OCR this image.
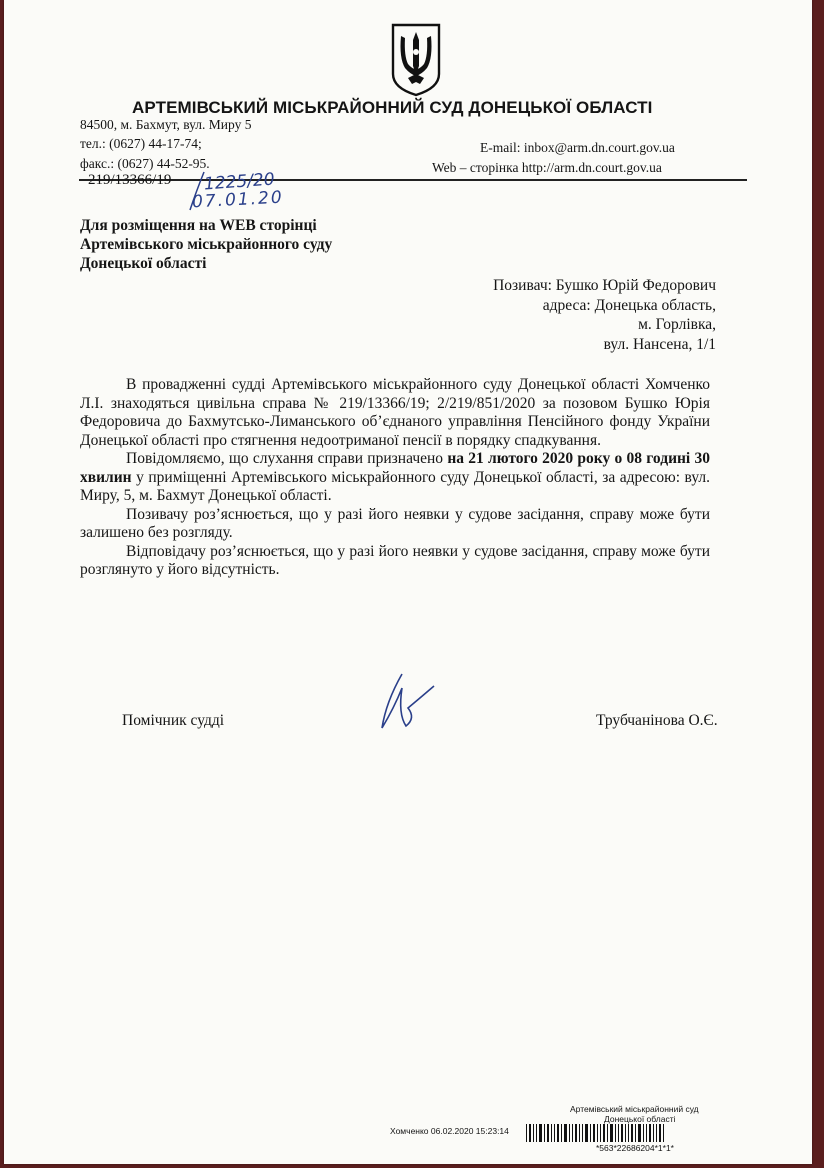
АРТЕМІВСЬКИЙ МІСЬКРАЙОННИЙ СУД ДОНЕЦЬКОЇ ОБЛАСТІ
84500, м. Бахмут, вул. Миру 5
тел.: (0627) 44-17-74;
факс.: (0627) 44-52-95.
E-mail: inbox@arm.dn.court.gov.ua
Web – сторінка http://arm.dn.court.gov.ua
219/13366/19 1225/20
07.01.20
Для розміщення на WEB сторінці
Артемівського міськрайонного суду
Донецької області
Позивач: Бушко Юрій Федорович
адреса: Донецька область,
м. Горлівка,
вул. Нансена, 1/1

В провадженні судді Артемівського міськрайонного суду Донецької області Хомченко Л.І. знаходяться цивільна справа № 219/13366/19; 2/219/851/2020 за позовом Бушко Юрія Федоровича до Бахмутсько-Лиманського об’єднаного управління Пенсійного фонду України Донецької області про стягнення недоотриманої пенсії в порядку спадкування.

Повідомляємо, що слухання справи призначено на 21 лютого 2020 року о 08 годині 30 хвилин у приміщенні Артемівського міськрайонного суду Донецької області, за адресою: вул. Миру, 5, м. Бахмут Донецької області.

Позивачу роз’яснюється, що у разі його неявки у судове засідання, справу може бути залишено без розгляду.

Відповідачу роз’яснюється, що у разі його неявки у судове засідання, справу може бути розглянуто у його відсутність.

Помічник судді	Трубчанінова О.Є.
Артемівський міськрайонний суд
Донецької області
Хомченко 06.02.2020 15:23:14
*563*22686204*1*1*
